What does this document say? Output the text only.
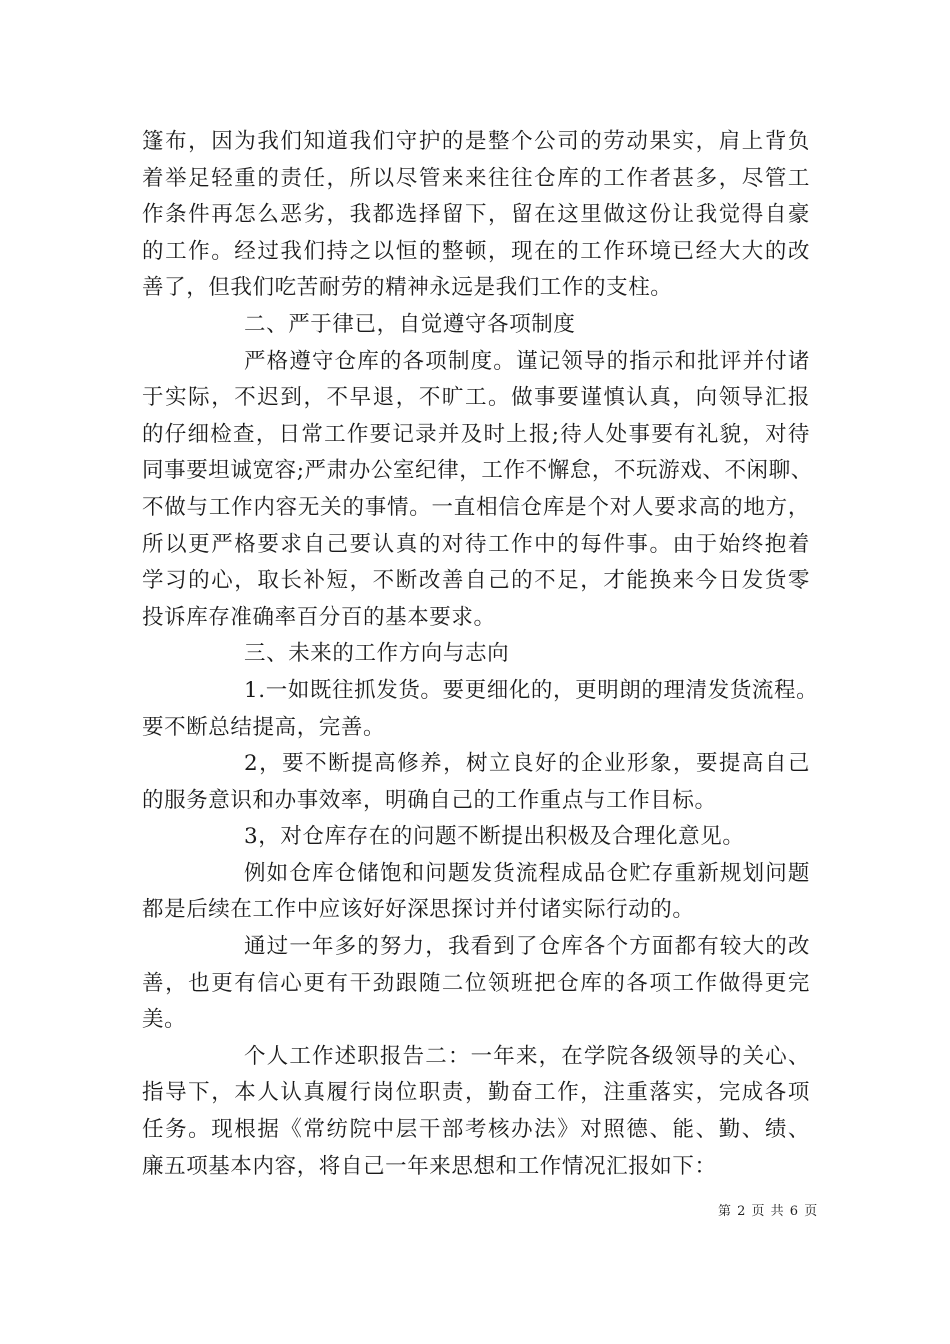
篷布，因为我们知道我们守护的是整个公司的劳动果实，肩上背负
着举足轻重的责任，所以尽管来来往往仓库的工作者甚多，尽管工
作条件再怎么恶劣，我都选择留下，留在这里做这份让我觉得自豪
的工作。经过我们持之以恒的整顿，现在的工作环境已经大大的改
善了，但我们吃苦耐劳的精神永远是我们工作的支柱。
二、严于律已，自觉遵守各项制度
严格遵守仓库的各项制度。谨记领导的指示和批评并付诸
于实际，不迟到，不早退，不旷工。做事要谨慎认真，向领导汇报
的仔细检查，日常工作要记录并及时上报;待人处事要有礼貌，对待
同事要坦诚宽容;严肃办公室纪律，工作不懈怠，不玩游戏、不闲聊、
不做与工作内容无关的事情。一直相信仓库是个对人要求高的地方，
所以更严格要求自己要认真的对待工作中的每件事。由于始终抱着
学习的心，取长补短，不断改善自己的不足，才能换来今日发货零
投诉库存准确率百分百的基本要求。
三、未来的工作方向与志向
1.一如既往抓发货。要更细化的，更明朗的理清发货流程。
要不断总结提高，完善。
2，要不断提高修养，树立良好的企业形象，要提高自己
的服务意识和办事效率，明确自己的工作重点与工作目标。
3，对仓库存在的问题不断提出积极及合理化意见。
例如仓库仓储饱和问题发货流程成品仓贮存重新规划问题
都是后续在工作中应该好好深思探讨并付诸实际行动的。
通过一年多的努力，我看到了仓库各个方面都有较大的改
善，也更有信心更有干劲跟随二位领班把仓库的各项工作做得更完
美。
个人工作述职报告二：一年来，在学院各级领导的关心、
指导下，本人认真履行岗位职责，勤奋工作，注重落实，完成各项
任务。现根据《常纺院中层干部考核办法》对照德、能、勤、绩、
廉五项基本内容，将自己一年来思想和工作情况汇报如下：
第 2 页 共 6 页
